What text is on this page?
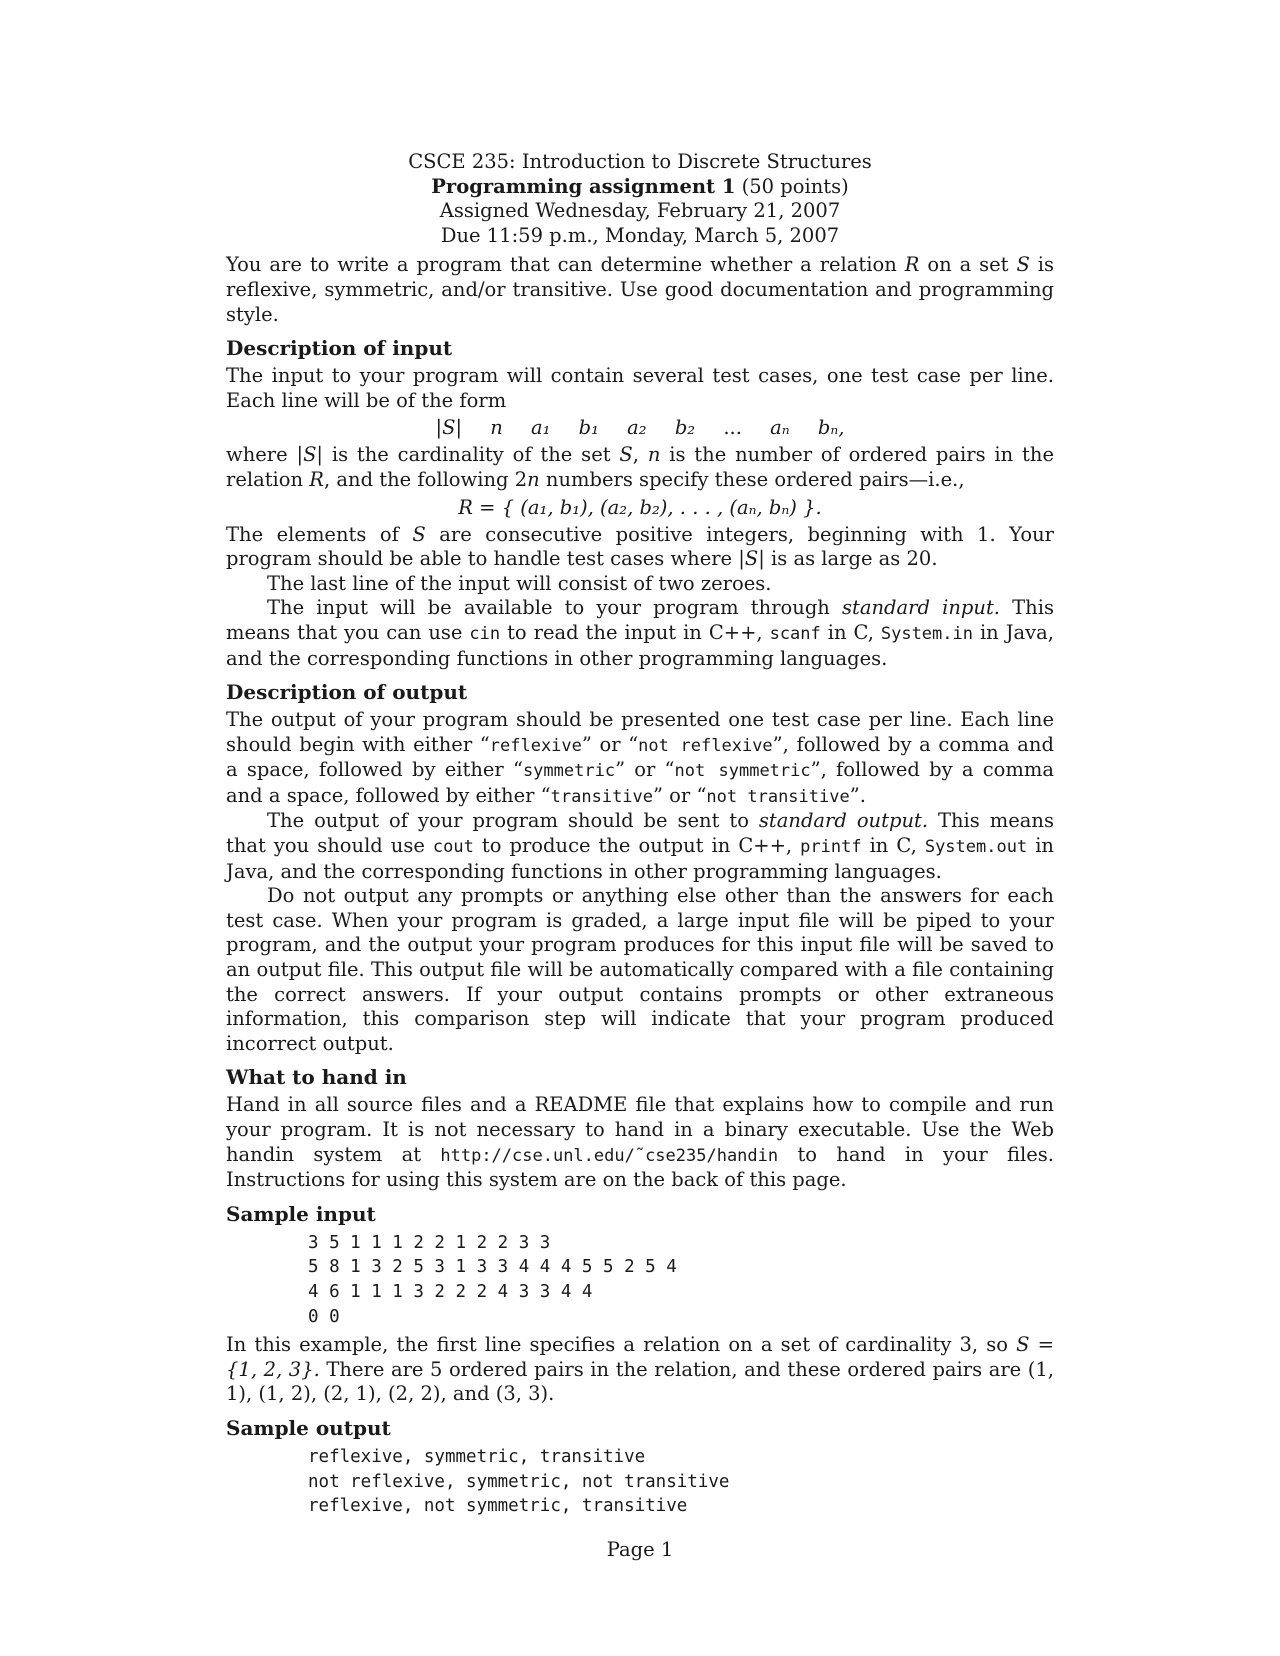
CSCE 235: Introduction to Discrete Structures
Programming assignment 1 (50 points)
Assigned Wednesday, February 21, 2007
Due 11:59 p.m., Monday, March 5, 2007

You are to write a program that can determine whether a relation R on a set S is reflexive, symmetric, and/or transitive. Use good documentation and programming style.

Description of input

The input to your program will contain several test cases, one test case per line. Each line will be of the form

|S| n a₁ b₁ a₂ b₂ ... aₙ bₙ,

where |S| is the cardinality of the set S, n is the number of ordered pairs in the relation R, and the following 2n numbers specify these ordered pairs—i.e.,

R = { (a₁, b₁), (a₂, b₂), . . . , (aₙ, bₙ) }.

The elements of S are consecutive positive integers, beginning with 1. Your program should be able to handle test cases where |S| is as large as 20.

The last line of the input will consist of two zeroes.

The input will be available to your program through standard input. This means that you can use cin to read the input in C++, scanf in C, System.in in Java, and the corresponding functions in other programming languages.

Description of output

The output of your program should be presented one test case per line. Each line should begin with either “reflexive” or “not reflexive”, followed by a comma and a space, followed by either “symmetric” or “not symmetric”, followed by a comma and a space, followed by either “transitive” or “not transitive”.

The output of your program should be sent to standard output. This means that you should use cout to produce the output in C++, printf in C, System.out in Java, and the corresponding functions in other programming languages.

Do not output any prompts or anything else other than the answers for each test case. When your program is graded, a large input file will be piped to your program, and the output your program produces for this input file will be saved to an output file. This output file will be automatically compared with a file containing the correct answers. If your output contains prompts or other extraneous information, this comparison step will indicate that your program produced incorrect output.

What to hand in

Hand in all source files and a README file that explains how to compile and run your program. It is not necessary to hand in a binary executable. Use the Web handin system at http://cse.unl.edu/˜cse235/handin to hand in your files. Instructions for using this system are on the back of this page.

Sample input
3 5 1 1 1 2 2 1 2 2 3 3
5 8 1 3 2 5 3 1 3 3 4 4 4 5 5 2 5 4
4 6 1 1 1 3 2 2 2 4 3 3 4 4
0 0

In this example, the first line specifies a relation on a set of cardinality 3, so S = {1, 2, 3}. There are 5 ordered pairs in the relation, and these ordered pairs are (1, 1), (1, 2), (2, 1), (2, 2), and (3, 3).

Sample output
reflexive, symmetric, transitive
not reflexive, symmetric, not transitive
reflexive, not symmetric, transitive
Page 1
